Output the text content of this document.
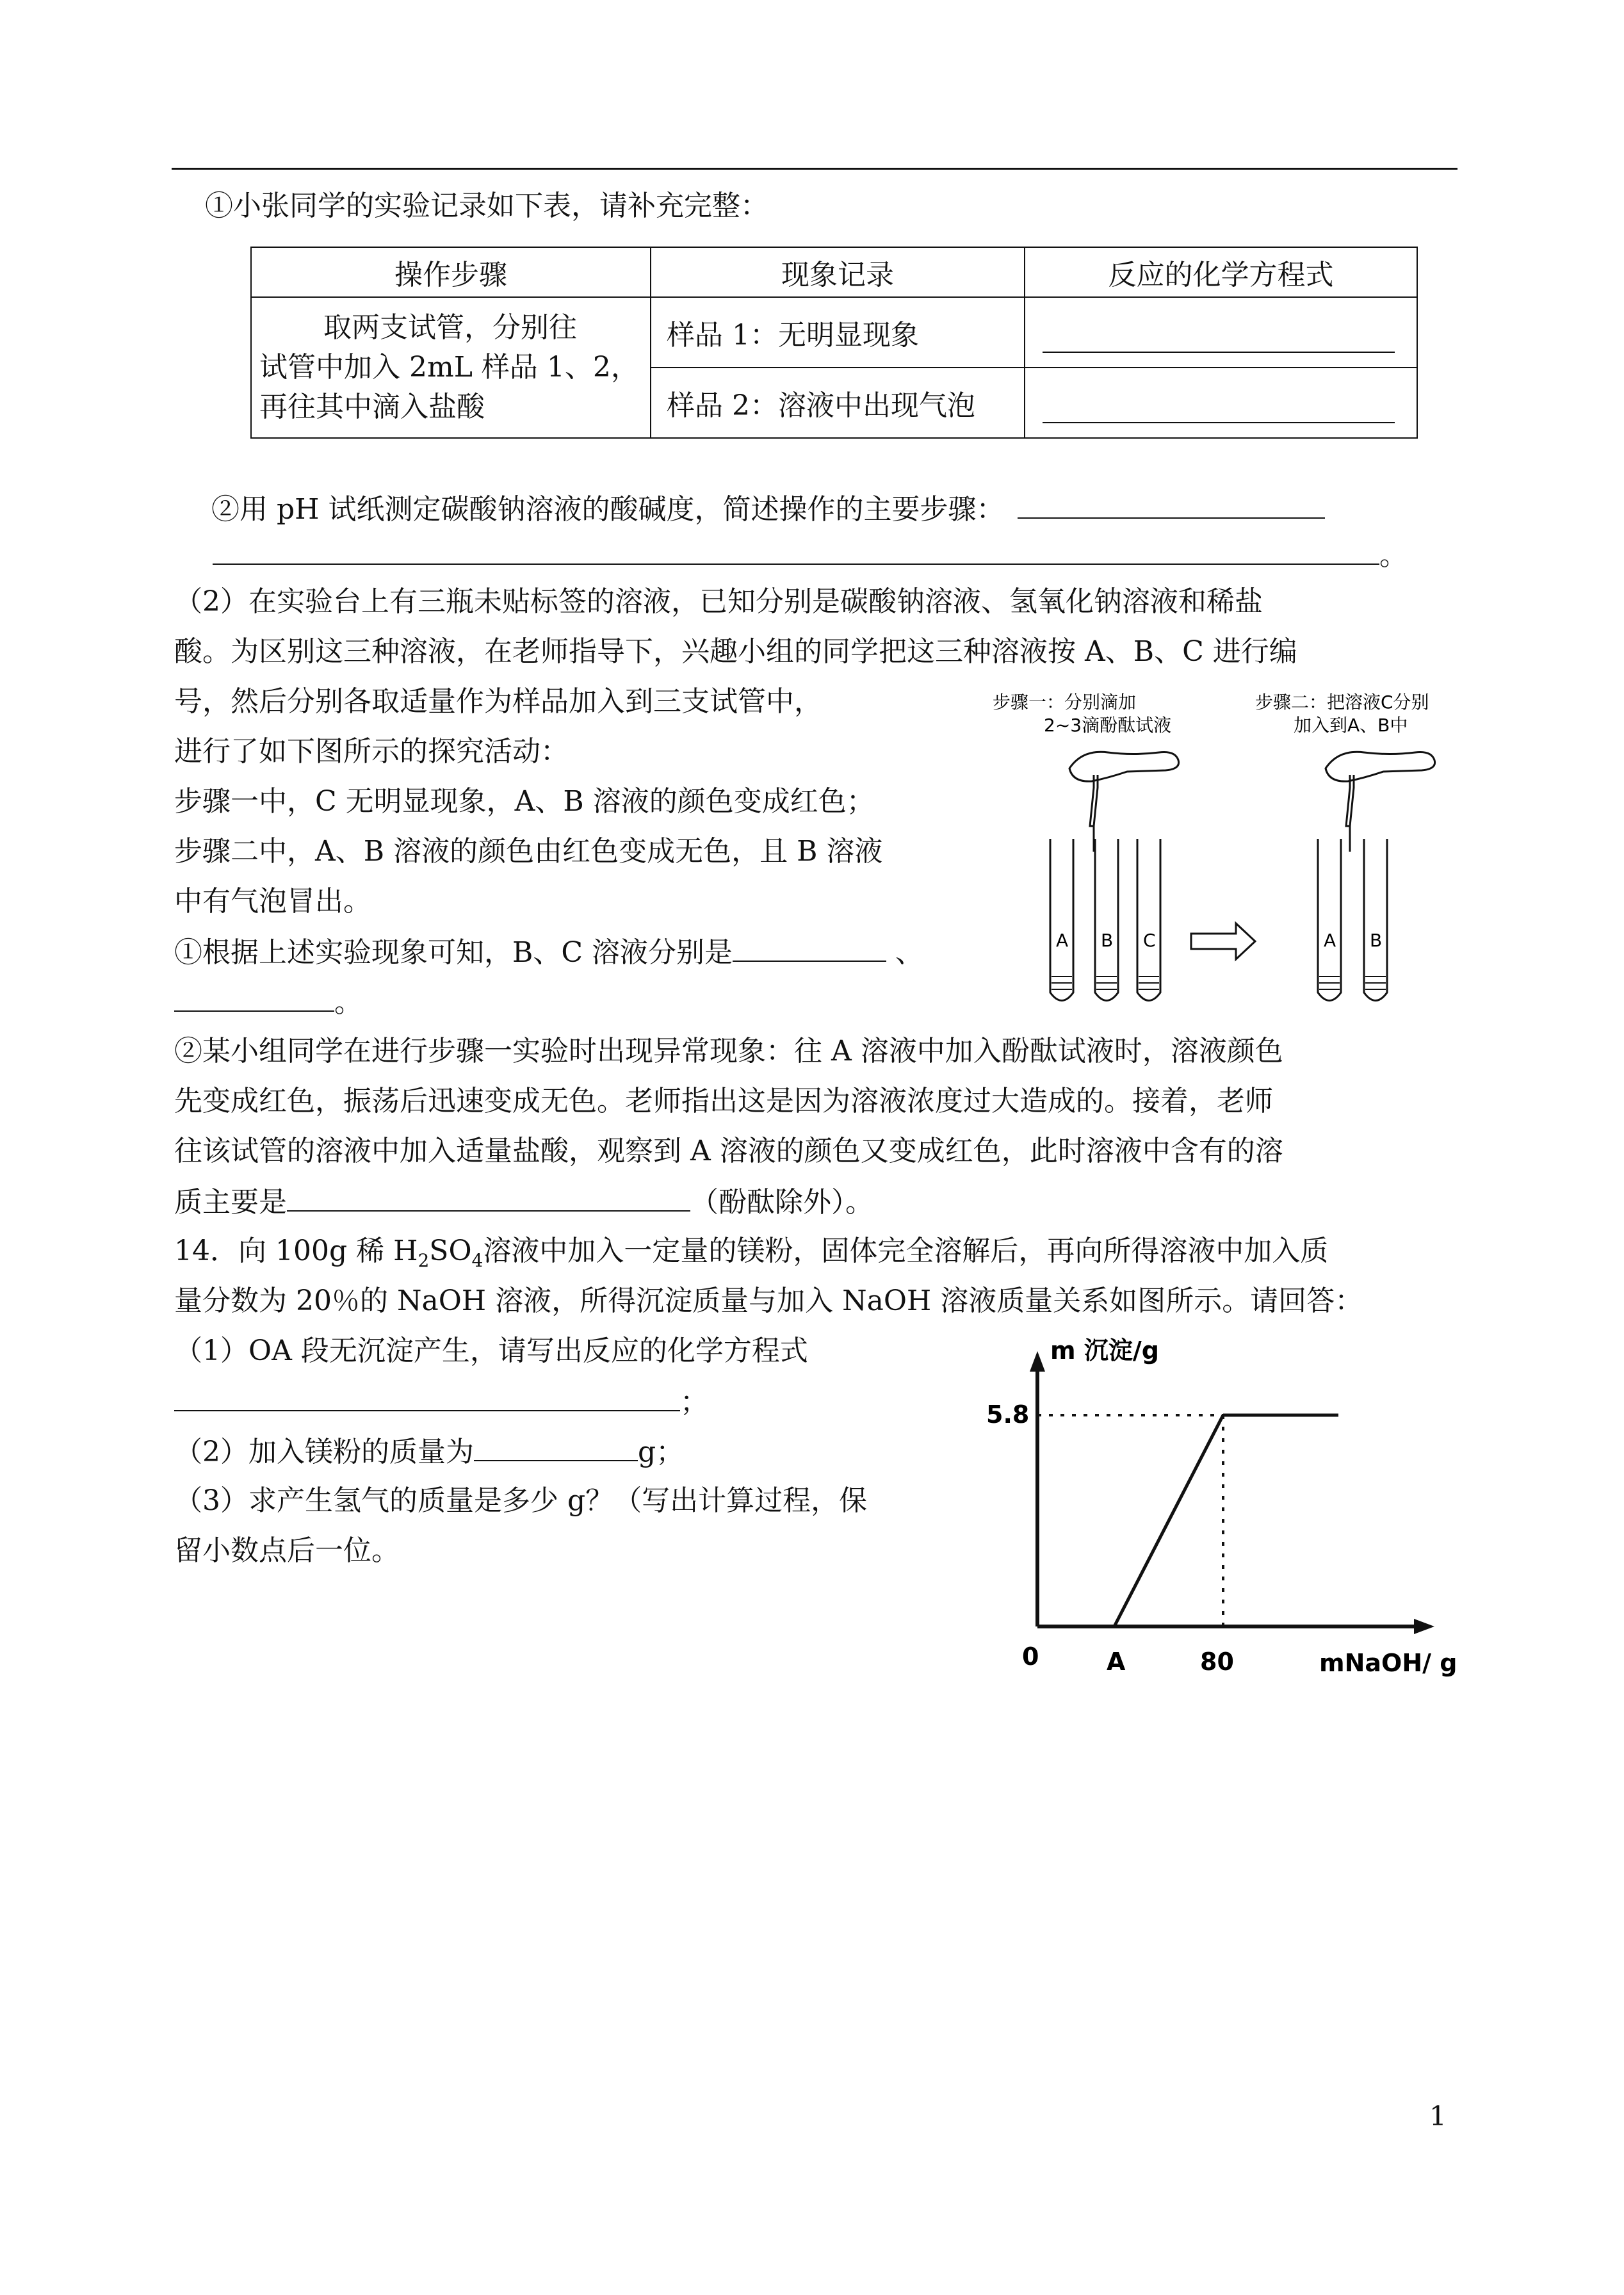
①小张同学的实验记录如下表，请补充完整：
操作步骤	现象记录	反应的化学方程式

取两支试管，分别往
试管中加入 2mL 样品 1、2，
再往其中滴入盐酸	样品 1：无明显现象	

	样品 2：溶液中出现气泡	
②用 pH 试纸测定碳酸钠溶液的酸碱度，简述操作的主要步骤：
。
（2）在实验台上有三瓶未贴标签的溶液，已知分别是碳酸钠溶液、氢氧化钠溶液和稀盐
酸。为区别这三种溶液，在老师指导下，兴趣小组的同学把这三种溶液按 A、B、C 进行编
号，然后分别各取适量作为样品加入到三支试管中，
进行了如下图所示的探究活动：
步骤一中，C 无明显现象，A、B 溶液的颜色变成红色；
步骤二中，A、B 溶液的颜色由红色变成无色，且 B 溶液
中有气泡冒出。
①根据上述实验现象可知，B、C 溶液分别是	、
。
步骤一：分别滴加
2~3滴酚酞试液
步骤二：把溶液C分别
加入到A、B中
A B C	A B
②某小组同学在进行步骤一实验时出现异常现象：往 A 溶液中加入酚酞试液时，溶液颜色
先变成红色，振荡后迅速变成无色。老师指出这是因为溶液浓度过大造成的。接着，老师
往该试管的溶液中加入适量盐酸，观察到 A 溶液的颜色又变成红色，此时溶液中含有的溶
质主要是	（酚酞除外）。
14．向 100g 稀 $H_2SO_4$溶液中加入一定量的镁粉，固体完全溶解后，再向所得溶液中加入质
量分数为 20％的 NaOH 溶液，所得沉淀质量与加入 NaOH 溶液质量关系如图所示。请回答：
（1）OA 段无沉淀产生，请写出反应的化学方程式
；
（2）加入镁粉的质量为	g；
（3）求产生氢气的质量是多少 g？（写出计算过程，保
留小数点后一位。
m 沉淀/g
mNaOH/ g
0
5.8
A	80
1
